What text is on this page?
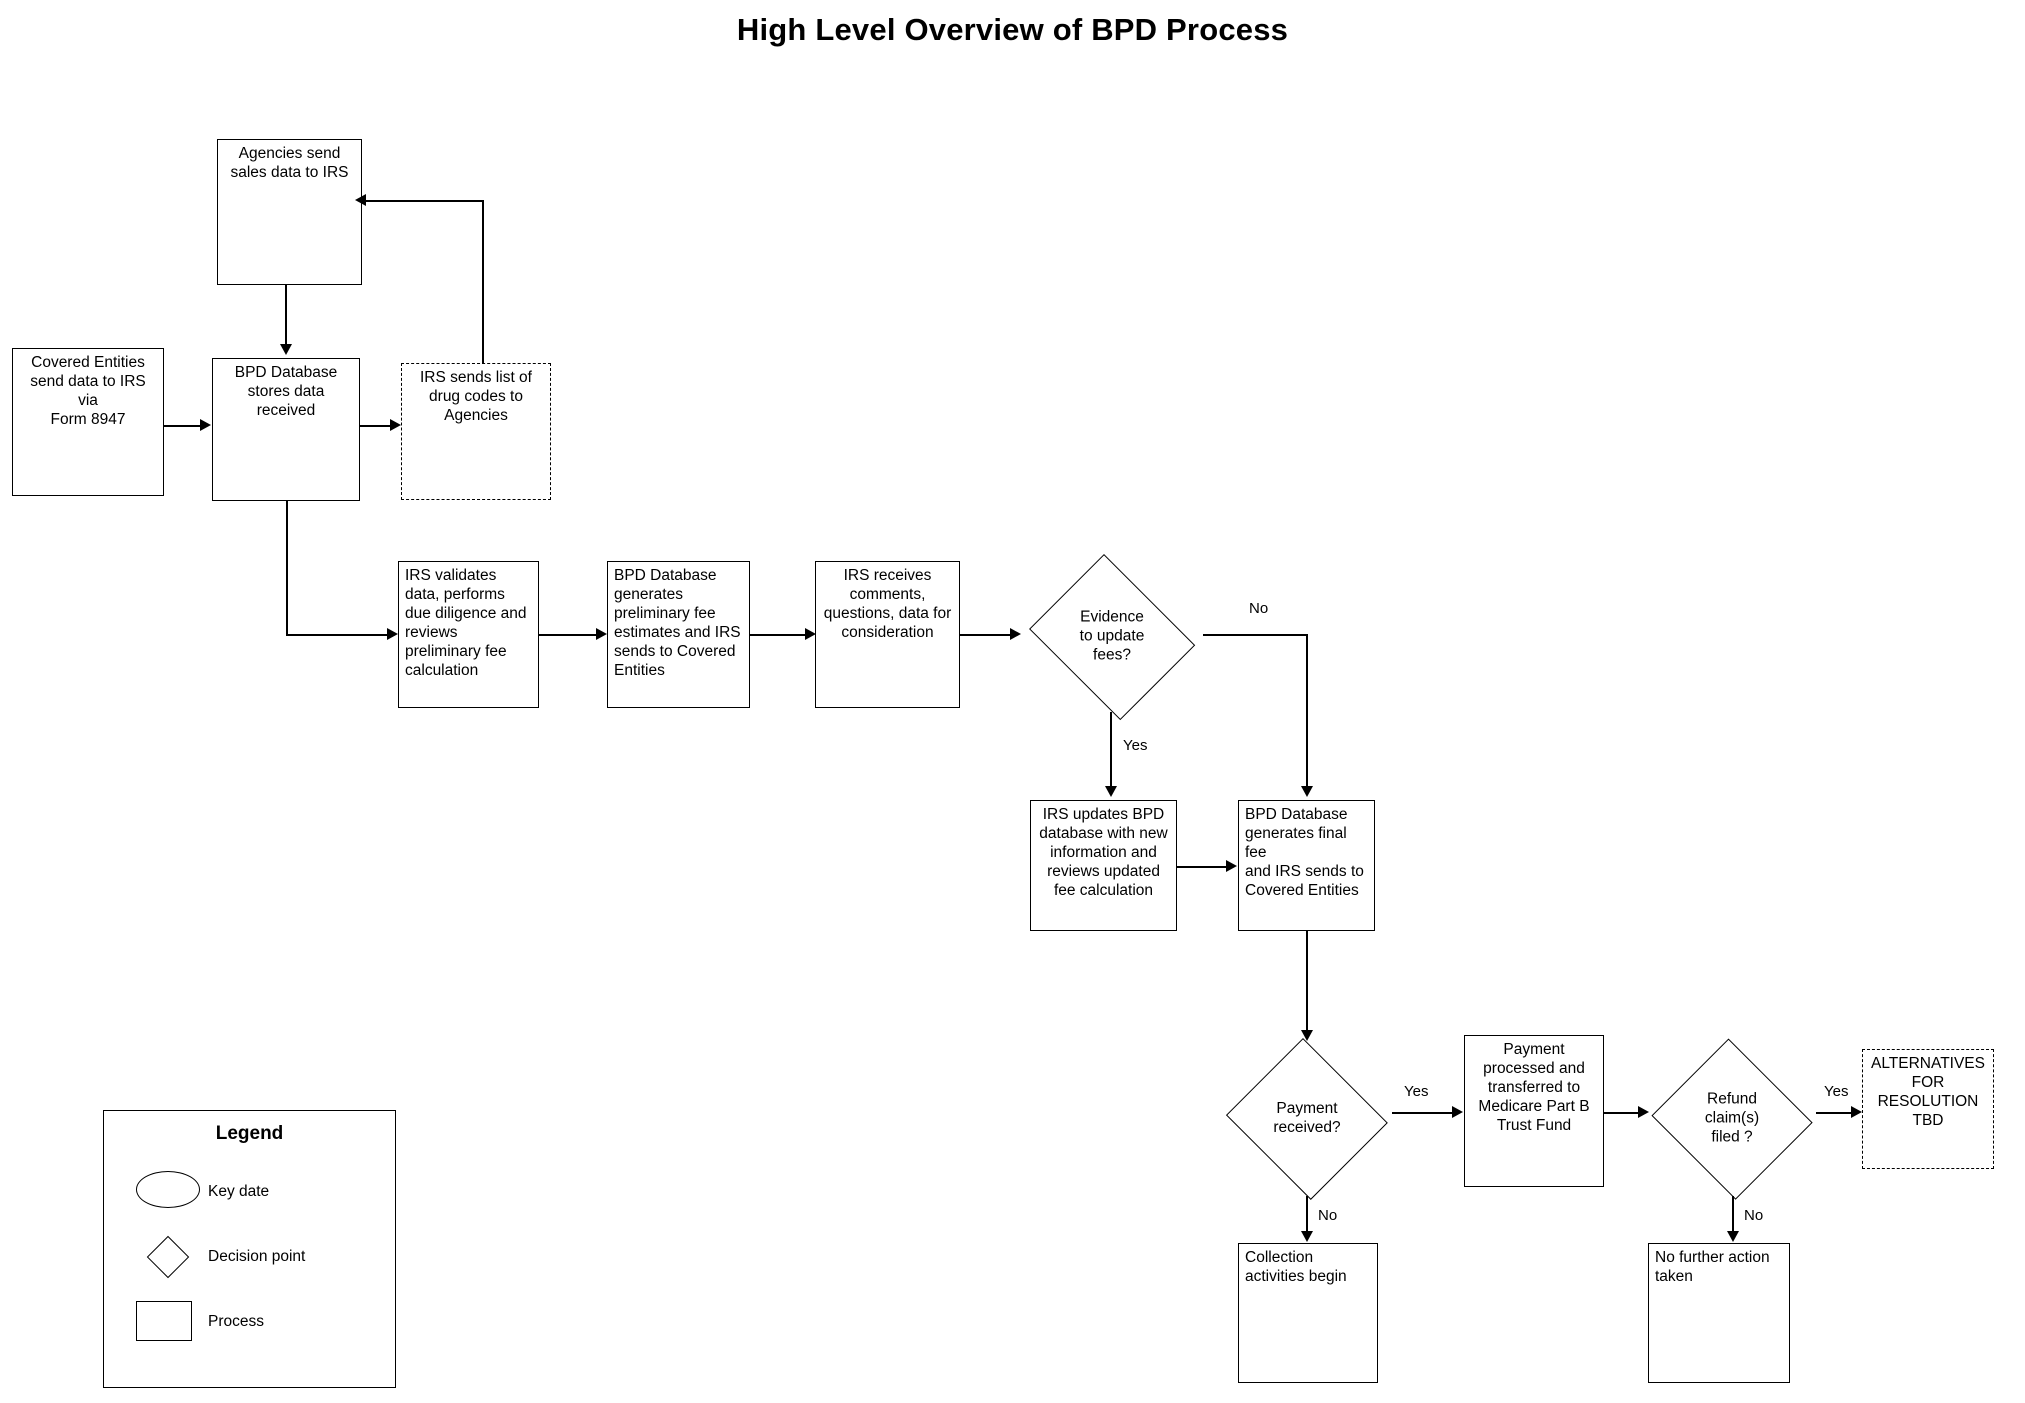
High Level Overview of BPD Process
Agencies send
sales data to IRS
Covered Entities
send data to IRS via
Form 8947
BPD Database
stores data
received
IRS sends list of
drug codes to
Agencies
IRS validates
data, performs
due diligence and
reviews
preliminary fee
calculation
BPD Database
generates
preliminary fee
estimates and IRS
sends to Covered
Entities
IRS receives
comments,
questions, data for
consideration
Evidence
to update
fees?
IRS updates BPD
database with new
information and
reviews updated
fee calculation
BPD Database
generates final
fee
and IRS sends to
Covered Entities
Payment
received?
Payment
processed and
transferred to
Medicare Part B
Trust Fund
Refund
claim(s)
filed ?
ALTERNATIVES
FOR
RESOLUTION
TBD
Collection
activities begin
No further action
taken
No
Yes
Yes
No
Yes
No
Legend
Key date
Decision point
Process
